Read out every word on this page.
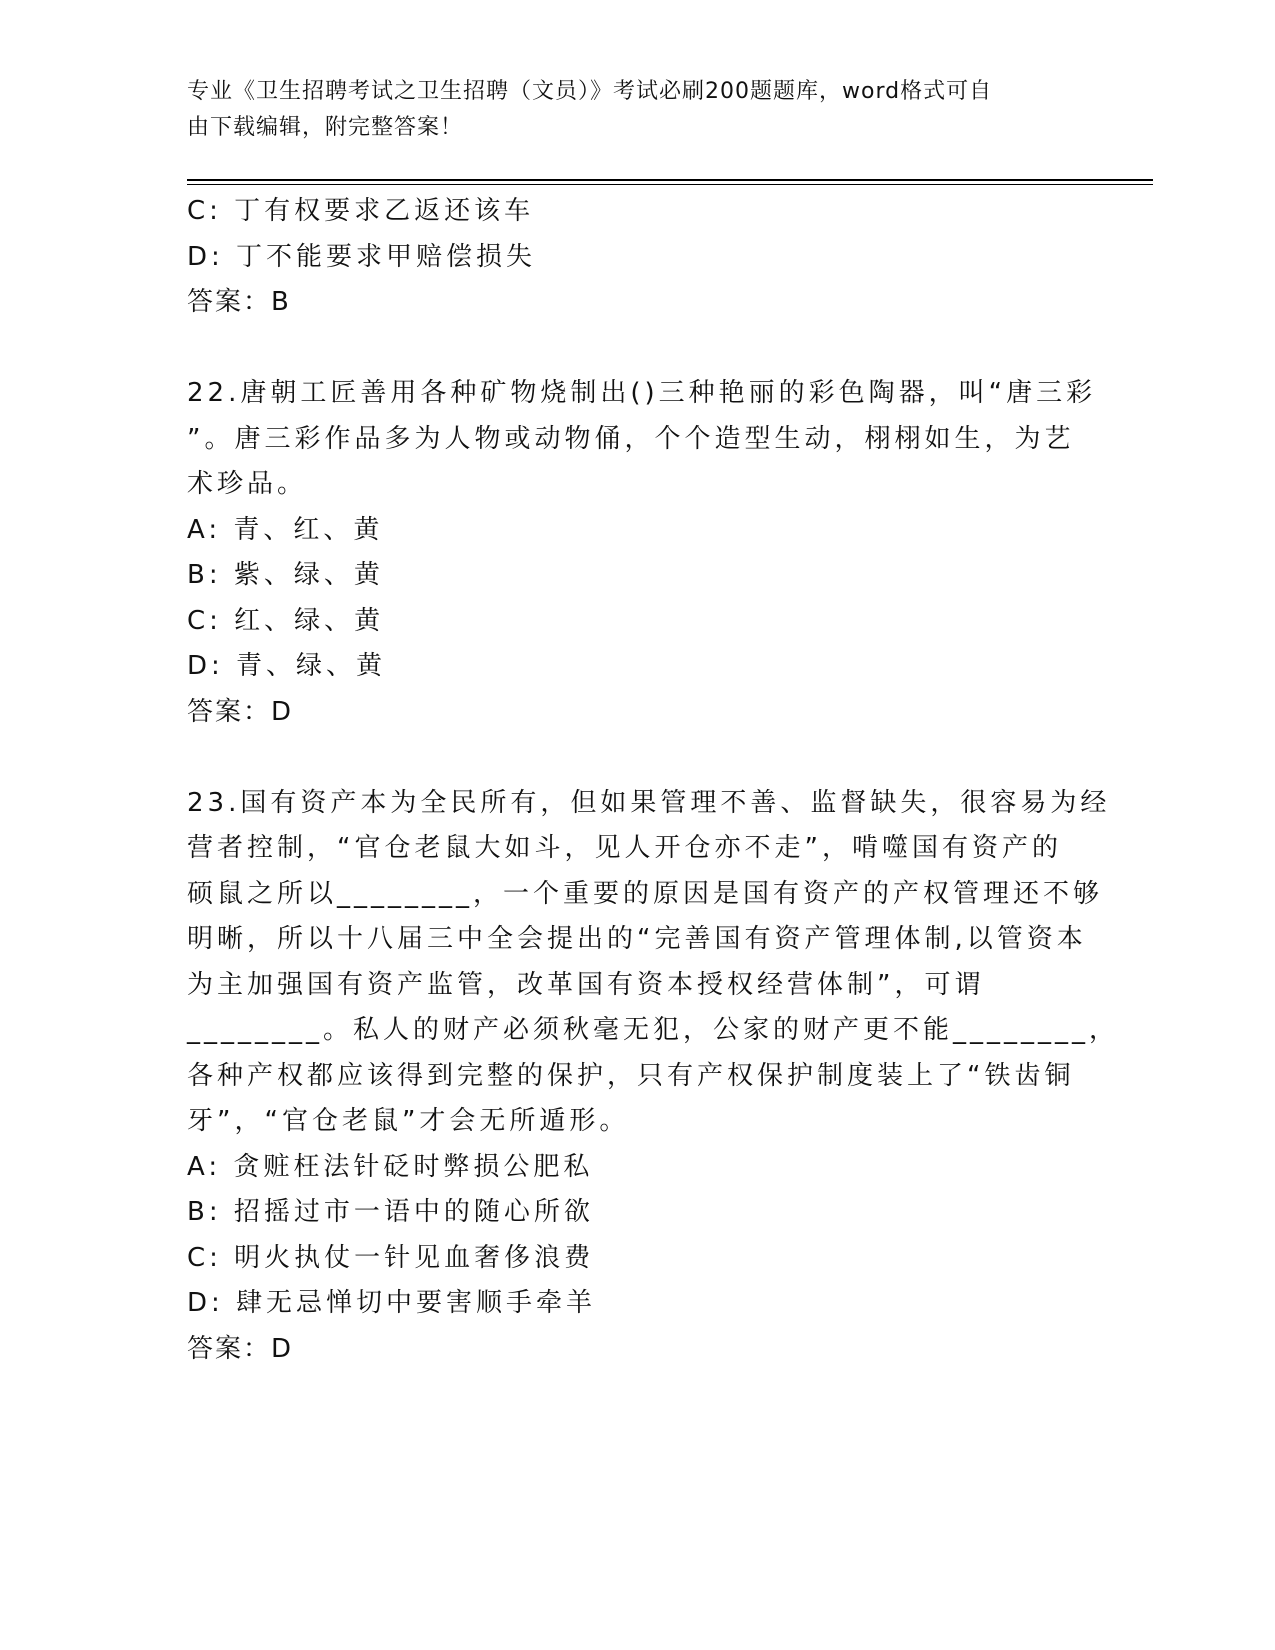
专业《卫生招聘考试之卫生招聘（文员）》考试必刷200题题库，word格式可自
由下载编辑，附完整答案！
C: 丁有权要求乙返还该车
D: 丁不能要求甲赔偿损失
答案：B
22.唐朝工匠善用各种矿物烧制出()三种艳丽的彩色陶器，叫“唐三彩
”。唐三彩作品多为人物或动物俑，个个造型生动，栩栩如生，为艺
术珍品。
A: 青、红、黄
B: 紫、绿、黄
C: 红、绿、黄
D: 青、绿、黄
答案：D
23.国有资产本为全民所有，但如果管理不善、监督缺失，很容易为经
营者控制，“官仓老鼠大如斗，见人开仓亦不走”，啃噬国有资产的
硕鼠之所以________，一个重要的原因是国有资产的产权管理还不够
明晰，所以十八届三中全会提出的“完善国有资产管理体制,以管资本
为主加强国有资产监管，改革国有资本授权经营体制”，可谓
________。私人的财产必须秋毫无犯，公家的财产更不能________，
各种产权都应该得到完整的保护，只有产权保护制度装上了“铁齿铜
牙”，“官仓老鼠”才会无所遁形。
A: 贪赃枉法针砭时弊损公肥私
B: 招摇过市一语中的随心所欲
C: 明火执仗一针见血奢侈浪费
D: 肆无忌惮切中要害顺手牵羊
答案：D
